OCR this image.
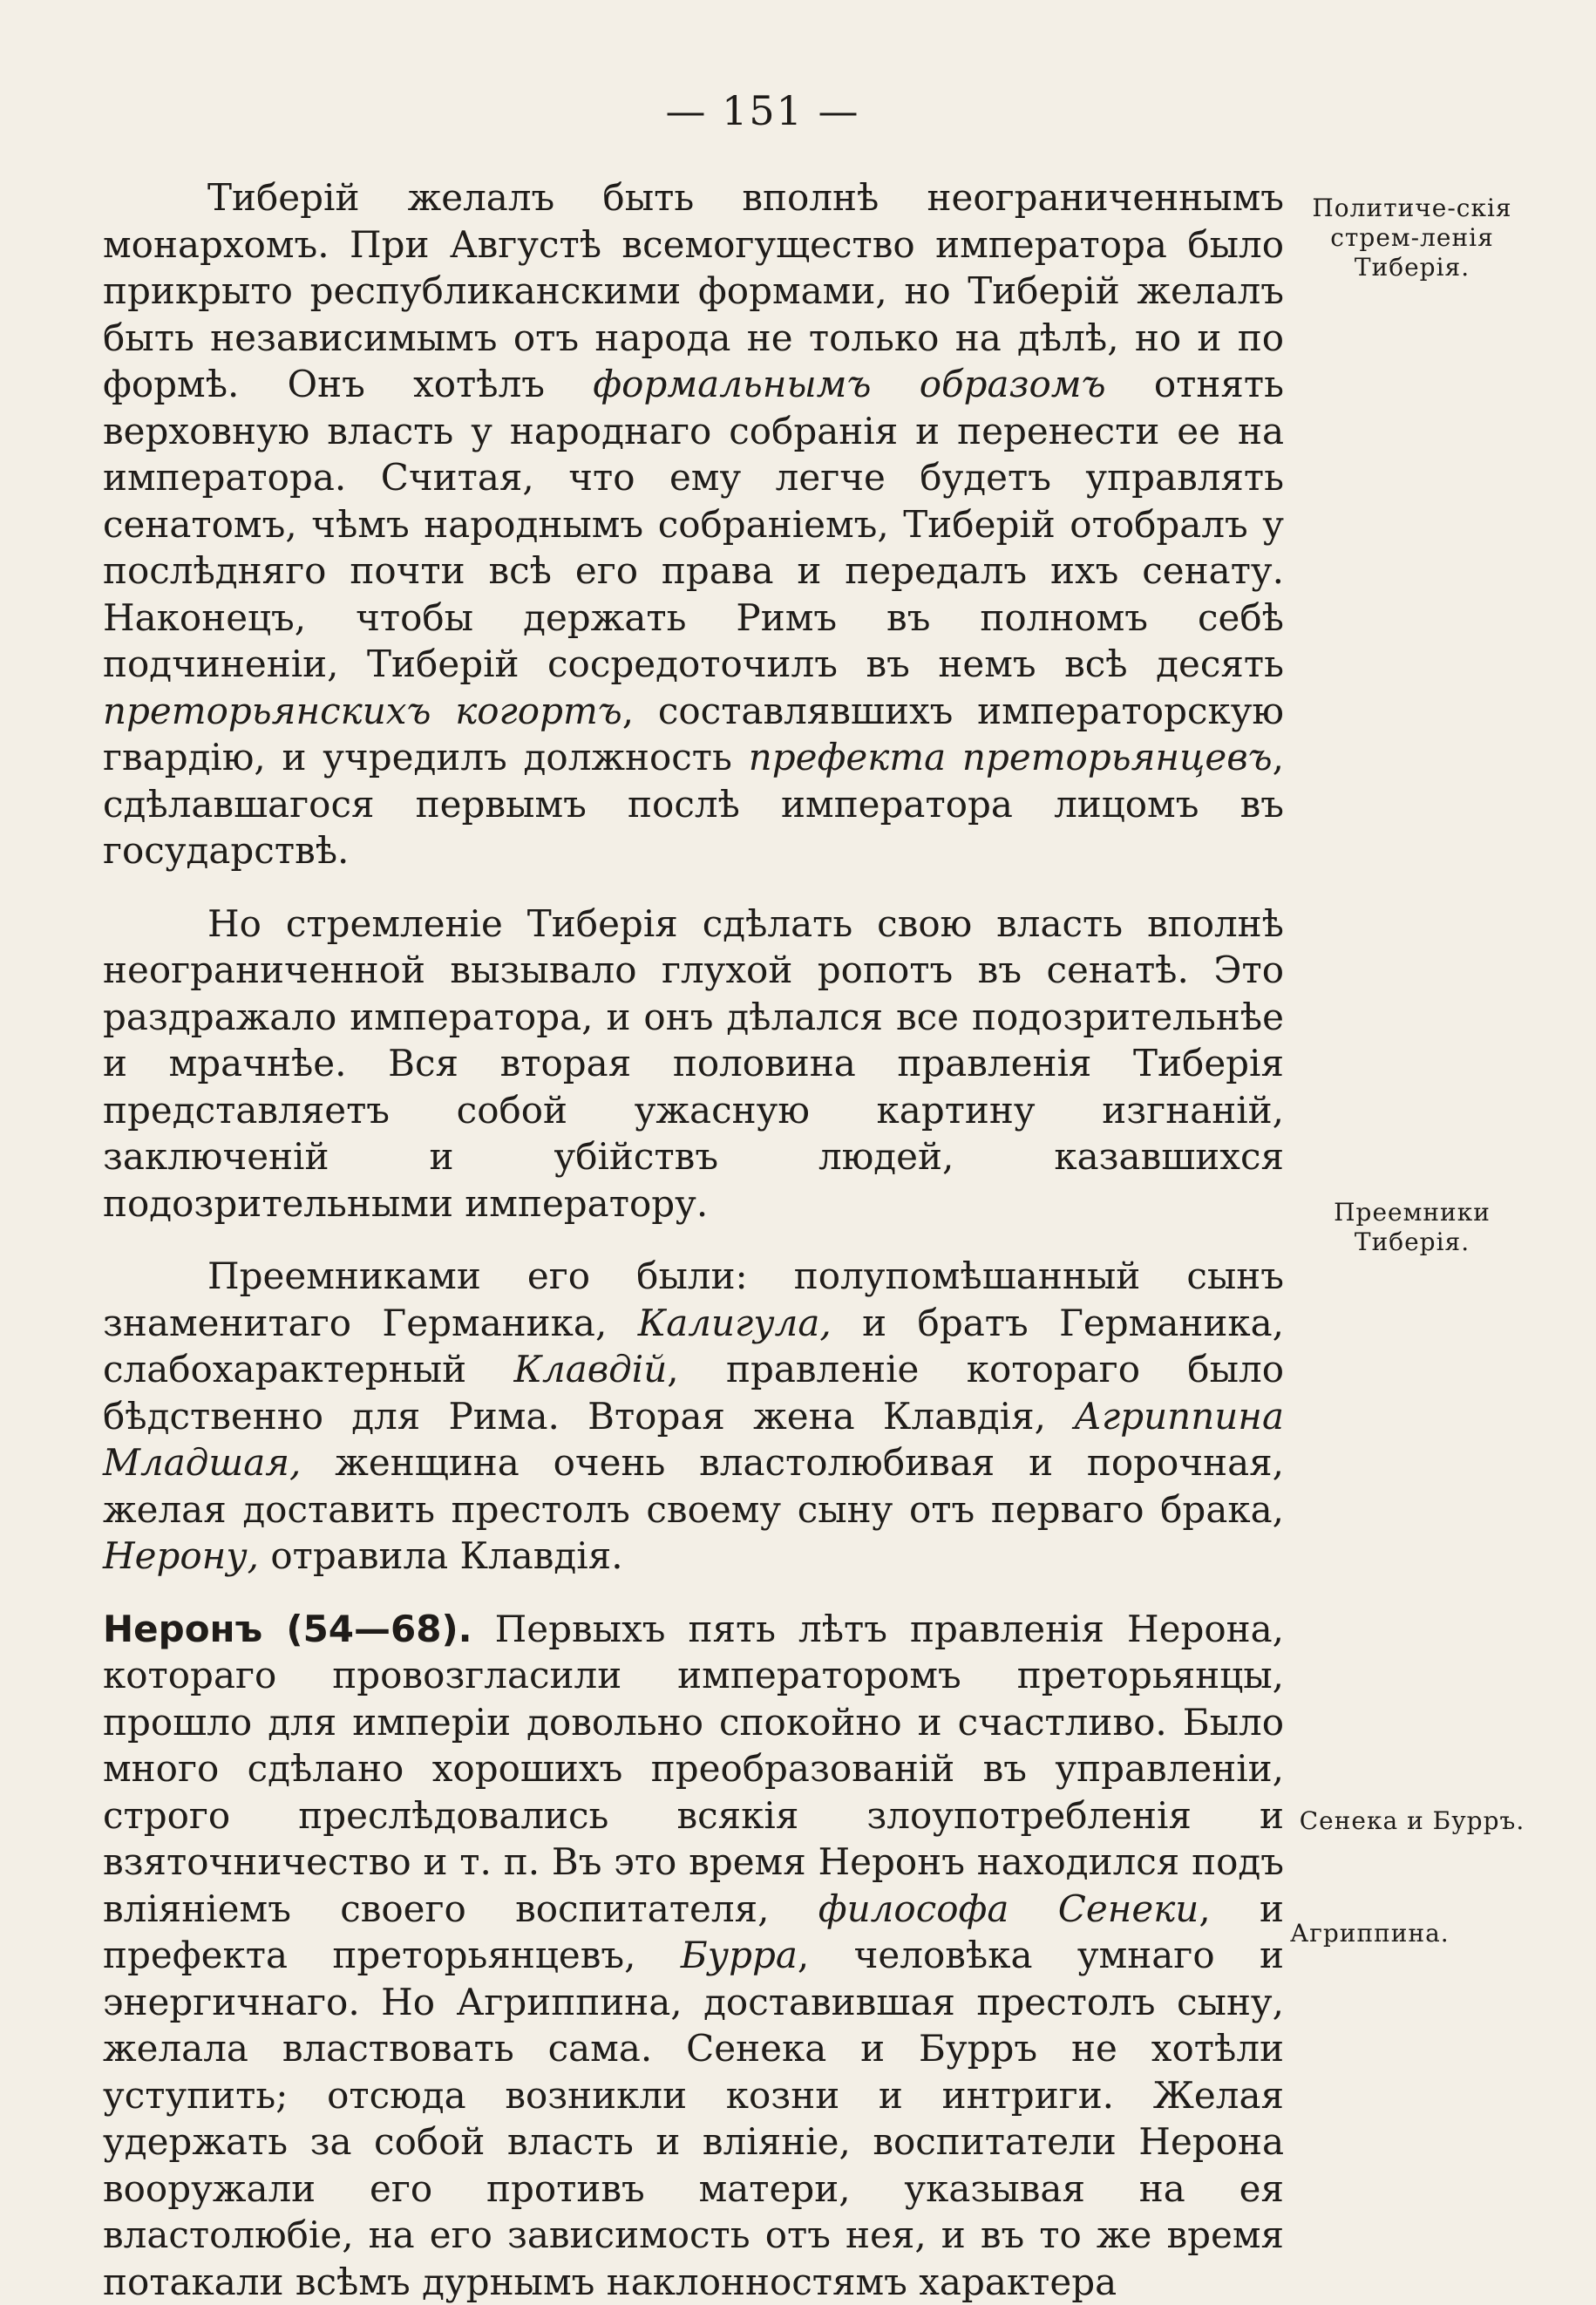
— 151 —
Политиче-скія стрем-ленія Тиберія.
Преемники Тиберія.
Сенека и Бурръ.
Агриппина.

Тиберій желалъ быть вполнѣ неограниченнымъ монархомъ. При Августѣ всемогущество императора было прикрыто республиканскими формами, но Тиберій желалъ быть независимымъ отъ народа не только на дѣлѣ, но и по формѣ. Онъ хотѣлъ формальнымъ образомъ отнять верховную власть у народнаго собранія и перенести ее на императора. Считая, что ему легче будетъ управлять сенатомъ, чѣмъ народнымъ собраніемъ, Тиберій отобралъ у послѣдняго почти всѣ его права и передалъ ихъ сенату. Наконецъ, чтобы держать Римъ въ полномъ себѣ подчиненіи, Тиберій сосредоточилъ въ немъ всѣ десять преторьянскихъ когортъ, составлявшихъ императорскую гвардію, и учредилъ должность префекта преторьянцевъ, сдѣлавшагося первымъ послѣ императора лицомъ въ государствѣ.

Но стремленіе Тиберія сдѣлать свою власть вполнѣ неограниченной вызывало глухой ропотъ въ сенатѣ. Это раздражало императора, и онъ дѣлался все подозрительнѣе и мрачнѣе. Вся вторая половина правленія Тиберія представляетъ собой ужасную картину изгнаній, заключеній и убійствъ людей, казавшихся подозрительными императору.

Преемниками его были: полупомѣшанный сынъ знаменитаго Германика, Калигула, и братъ Германика, слабохарактерный Клавдій, правленіе котораго было бѣдственно для Рима. Вторая жена Клавдія, Агриппина Младшая, женщина очень властолюбивая и порочная, желая доставить престолъ своему сыну отъ перваго брака, Нерону, отравила Клавдія.

Неронъ (54—68). Первыхъ пять лѣтъ правленія Нерона, котораго провозгласили императоромъ преторьянцы, прошло для имперіи довольно спокойно и счастливо. Было много сдѣлано хорошихъ преобразованій въ управленіи, строго преслѣдовались всякія злоупотребленія и взяточничество и т. п. Въ это время Неронъ находился подъ вліяніемъ своего воспитателя, философа Сенеки, и префекта преторьянцевъ, Бурра, человѣка умнаго и энергичнаго. Но Агриппина, доставившая престолъ сыну, желала властвовать сама. Сенека и Бурръ не хотѣли уступить; отсюда возникли козни и интриги. Желая удержать за собой власть и вліяніе, воспитатели Нерона вооружали его противъ матери, указывая на ея властолюбіе, на его зависимость отъ нея, и въ то же время потакали всѣмъ дурнымъ наклонностямъ характера
